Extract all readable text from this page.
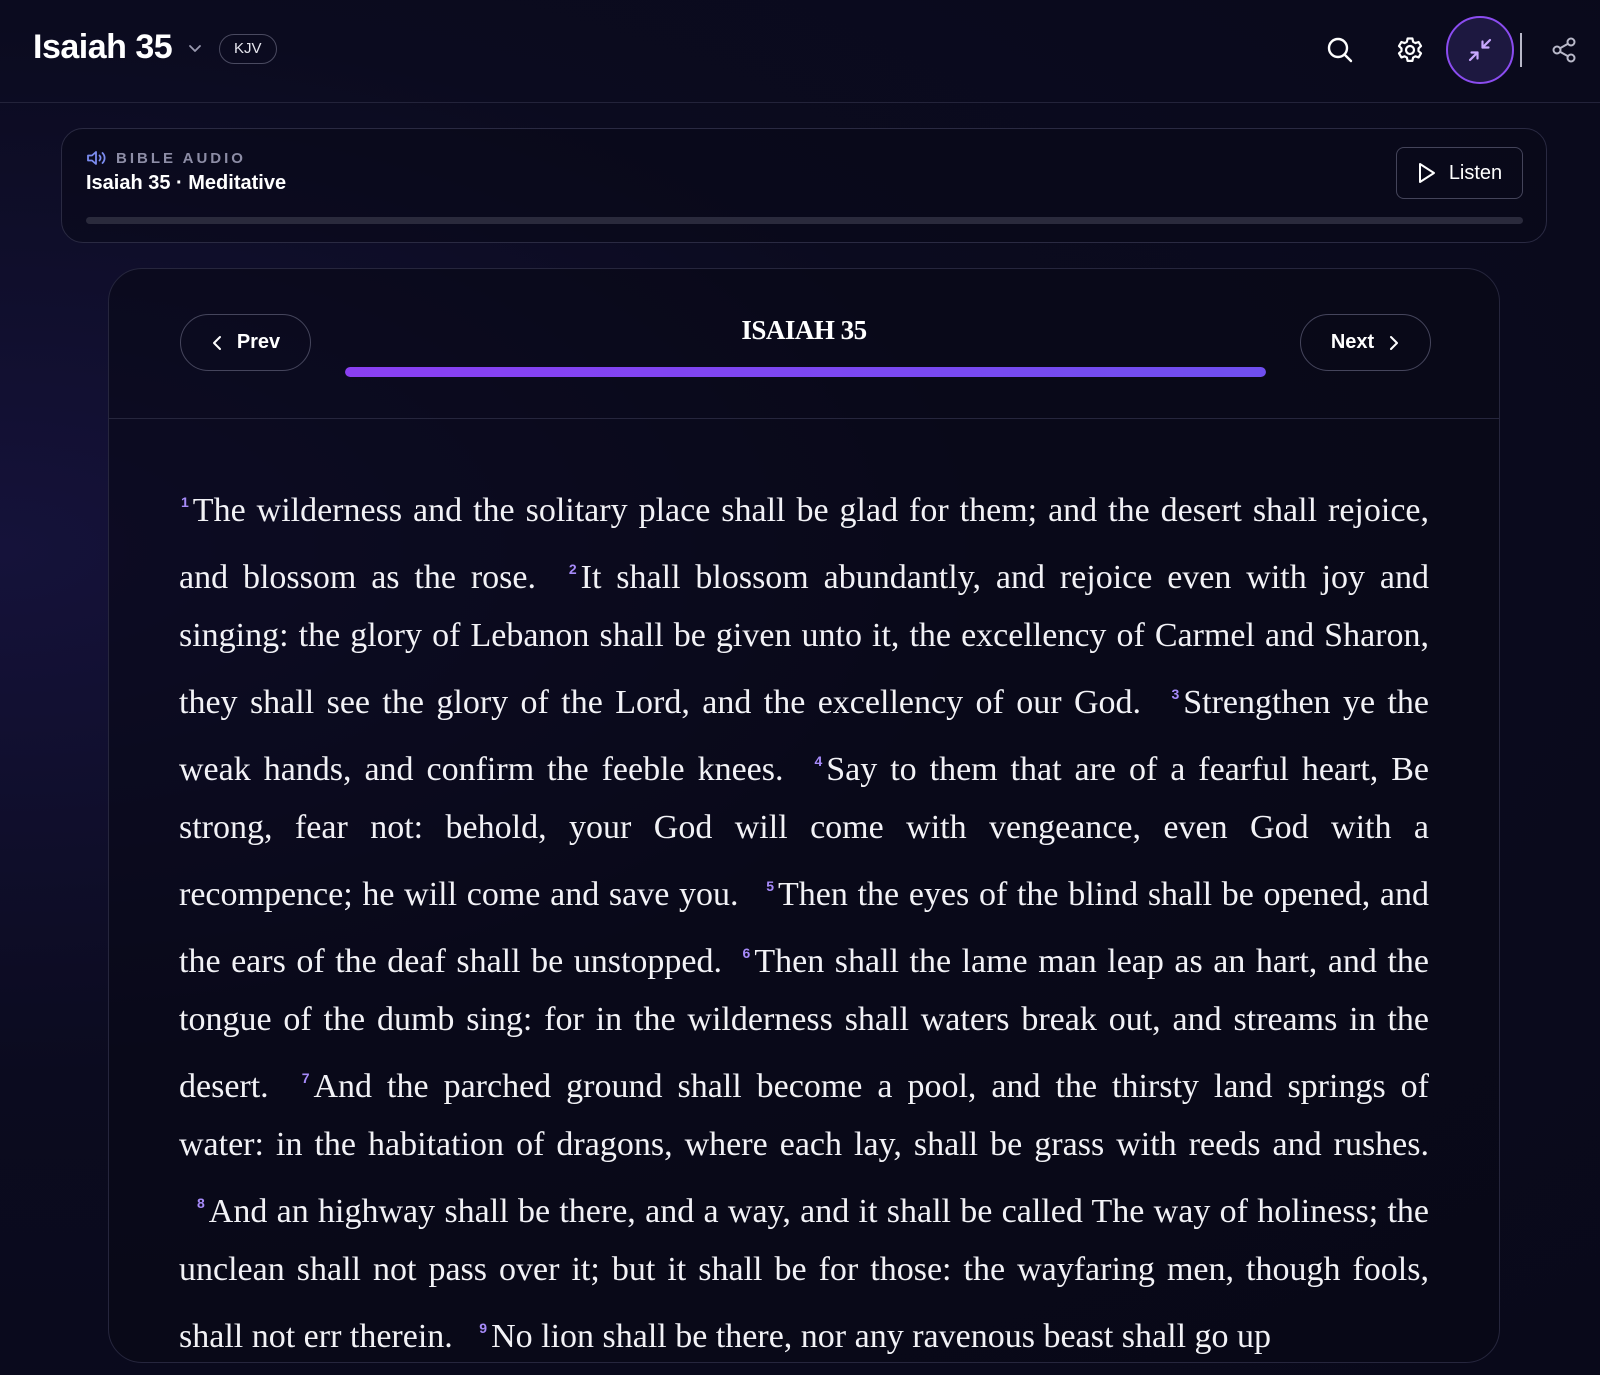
Isaiah 35	KJV
BIBLE AUDIO
Isaiah 35 · Meditative	Listen
Prev	ISAIAH 35	Next

$^1$ The wilderness and the solitary place shall be glad for them; and the desert shall rejoice, and blossom as the rose. $^2$ It shall blossom abundantly, and rejoice even with joy and singing: the glory of Lebanon shall be given unto it, the excellency of Carmel and Sharon, they shall see the glory of the Lord, and the excellency of our God. $^3$ Strengthen ye the weak hands, and confirm the feeble knees. $^4$ Say to them that are of a fearful heart, Be strong, fear not: behold, your God will come with vengeance, even God with a recompence; he will come and save you. $^5$ Then the eyes of the blind shall be opened, and the ears of the deaf shall be unstopped. $^6$ Then shall the lame man leap as an hart, and the tongue of the dumb sing: for in the wilderness shall waters break out, and streams in the desert. $^7$ And the parched ground shall become a pool, and the thirsty land springs of water: in the habitation of dragons, where each lay, shall be grass with reeds and rushes. $^8$ And an highway shall be there, and a way, and it shall be called The way of holiness; the unclean shall not pass over it; but it shall be for those: the wayfaring men, though fools, shall not err therein. $^9$ No lion shall be there, nor any ravenous beast shall go up
